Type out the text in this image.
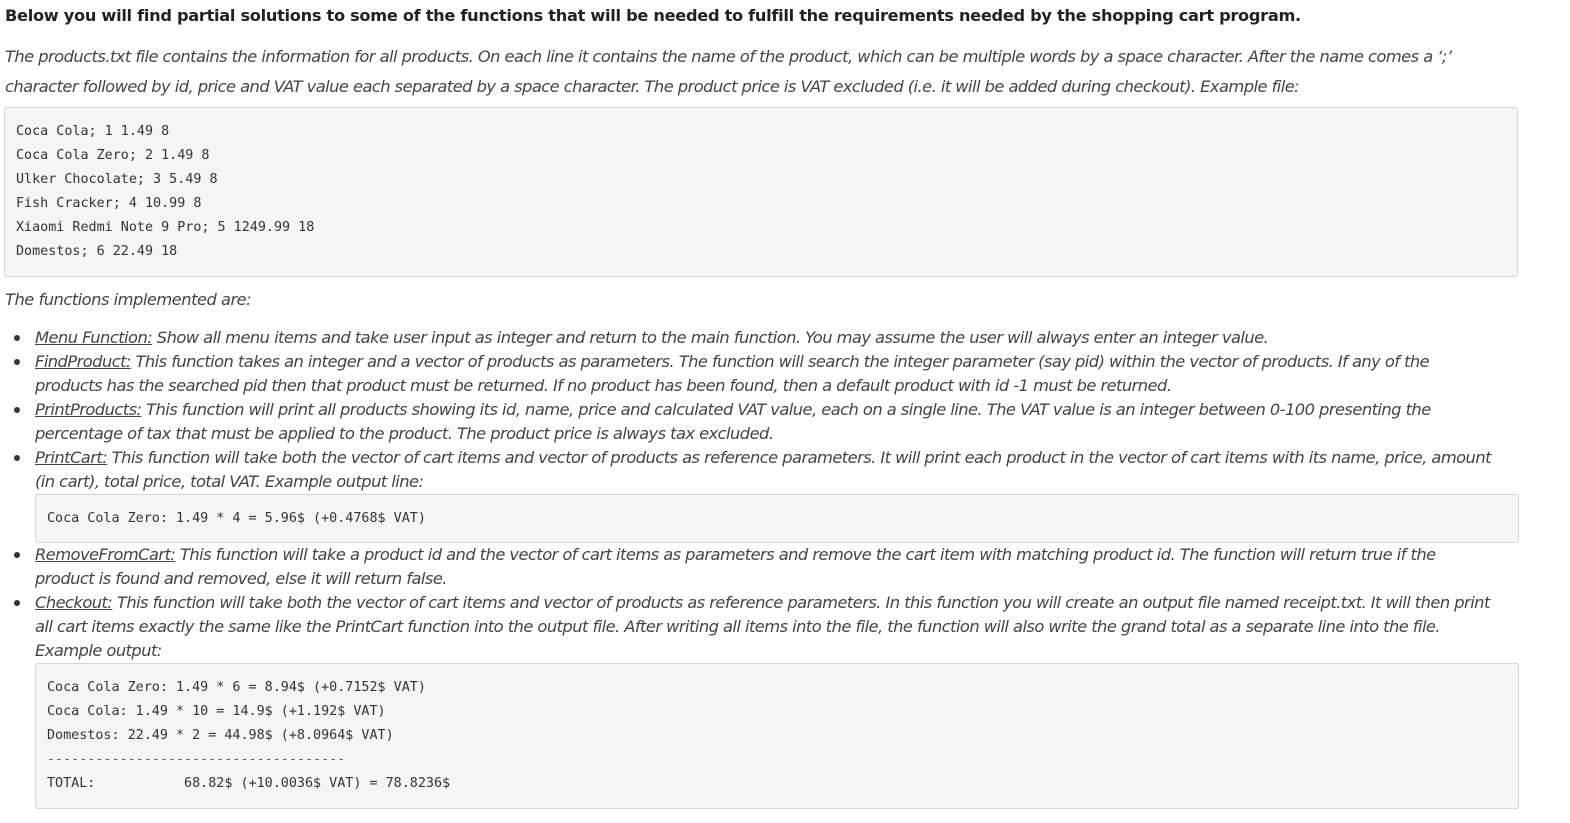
Below you will find partial solutions to some of the functions that will be needed to fulfill the requirements needed by the shopping cart program.

The products.txt file contains the information for all products. On each line it contains the name of the product, which can be multiple words by a space character. After the name comes a ‘;’

character followed by id, price and VAT value each separated by a space character. The product price is VAT excluded (i.e. it will be added during checkout). Example file:

Coca Cola; 1 1.49 8
Coca Cola Zero; 2 1.49 8
Ulker Chocolate; 3 5.49 8
Fish Cracker; 4 10.99 8
Xiaomi Redmi Note 9 Pro; 5 1249.99 18
Domestos; 6 22.49 18
The functions implemented are:
Menu Function: Show all menu items and take user input as integer and return to the main function. You may assume the user will always enter an integer value.
FindProduct: This function takes an integer and a vector of products as parameters. The function will search the integer parameter (say pid) within the vector of products. If any of the
products has the searched pid then that product must be returned. If no product has been found, then a default product with id -1 must be returned.
PrintProducts: This function will print all products showing its id, name, price and calculated VAT value, each on a single line. The VAT value is an integer between 0-100 presenting the
percentage of tax that must be applied to the product. The product price is always tax excluded.
PrintCart: This function will take both the vector of cart items and vector of products as reference parameters. It will print each product in the vector of cart items with its name, price, amount
(in cart), total price, total VAT. Example output line:
Coca Cola Zero: 1.49 * 4 = 5.96$ (+0.4768$ VAT)
RemoveFromCart: This function will take a product id and the vector of cart items as parameters and remove the cart item with matching product id. The function will return true if the
product is found and removed, else it will return false.
Checkout: This function will take both the vector of cart items and vector of products as reference parameters. In this function you will create an output file named receipt.txt. It will then print
all cart items exactly the same like the PrintCart function into the output file. After writing all items into the file, the function will also write the grand total as a separate line into the file.
Example output:
Coca Cola Zero: 1.49 * 6 = 8.94$ (+0.7152$ VAT)
Coca Cola: 1.49 * 10 = 14.9$ (+1.192$ VAT)
Domestos: 22.49 * 2 = 44.98$ (+8.0964$ VAT)
-------------------------------------
TOTAL:           68.82$ (+10.0036$ VAT) = 78.8236$
